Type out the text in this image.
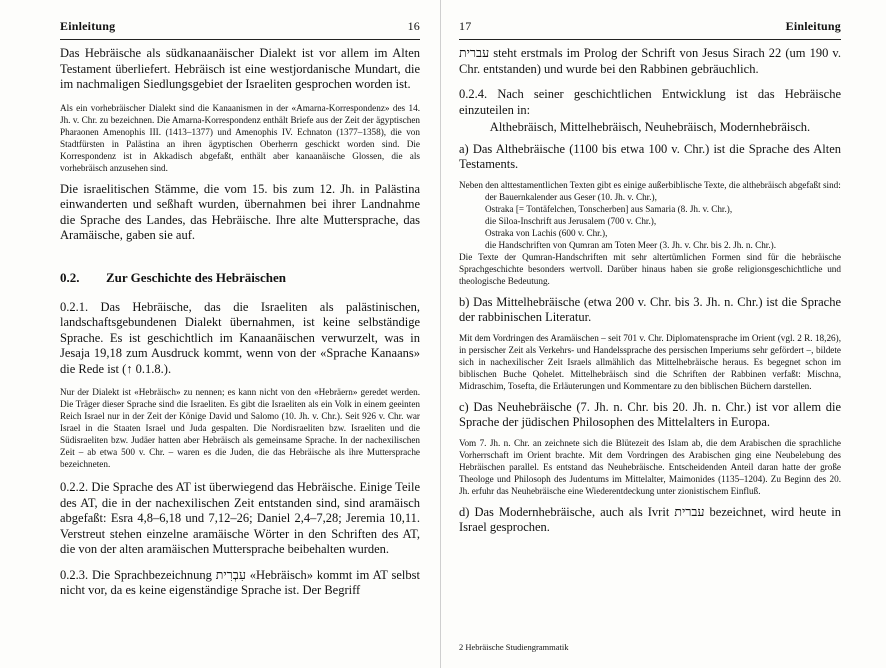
Einleitung	16

Das Hebräische als südkanaanäischer Dialekt ist vor allem im Alten Testament überliefert. Hebräisch ist eine westjordanische Mundart, die im nachmaligen Siedlungsgebiet der Israeliten gesprochen worden ist.

Als ein vorhebräischer Dialekt sind die Kanaanismen in der «Amarna-Korrespondenz» des 14. Jh. v. Chr. zu bezeichnen. Die Amarna-Korrespondenz enthält Briefe aus der Zeit der ägyptischen Pharaonen Amenophis III. (1413–1377) und Amenophis IV. Echnaton (1377–1358), die von Stadtfürsten in Palästina an ihren ägyptischen Oberherrn geschickt worden sind. Die Korrespondenz ist in Akkadisch abgefaßt, enthält aber kanaanäische Glossen, die als vorhebräisch anzusehen sind.

Die israelitischen Stämme, die vom 15. bis zum 12. Jh. in Palästina einwanderten und seßhaft wurden, übernahmen bei ihrer Landnahme die Sprache des Landes, das Hebräische. Ihre alte Muttersprache, das Aramäische, gaben sie auf.

0.2. Zur Geschichte des Hebräischen

0.2.1. Das Hebräische, das die Israeliten als palästinischen, landschaftsgebundenen Dialekt übernahmen, ist keine selbständige Sprache. Es ist geschichtlich im Kanaanäischen verwurzelt, was in Jesaja 19,18 zum Ausdruck kommt, wenn von der «Sprache Kanaans» die Rede ist (↑ 0.1.8.).

Nur der Dialekt ist «Hebräisch» zu nennen; es kann nicht von den «Hebräern» geredet werden. Die Träger dieser Sprache sind die Israeliten. Es gibt die Israeliten als ein Volk in einem geeinten Reich Israel nur in der Zeit der Könige David und Salomo (10. Jh. v. Chr.). Seit 926 v. Chr. war Israel in die Staaten Israel und Juda gespalten. Die Nordisraeliten bzw. Israeliten und die Südisraeliten bzw. Judäer hatten aber Hebräisch als gemeinsame Sprache. In der nachexilischen Zeit – ab etwa 500 v. Chr. – waren es die Juden, die das Hebräische als ihre Muttersprache bezeichneten.

0.2.2. Die Sprache des AT ist überwiegend das Hebräische. Einige Teile des AT, die in der nachexilischen Zeit entstanden sind, sind aramäisch abgefaßt: Esra 4,8–6,18 und 7,12–26; Daniel 2,4–7,28; Jeremia 10,11. Verstreut stehen einzelne aramäische Wörter in den Schriften des AT, die von der alten aramäischen Muttersprache beibehalten wurden.

0.2.3. Die Sprachbezeichnung עִבְרִית «Hebräisch» kommt im AT selbst nicht vor, da es keine eigenständige Sprache ist. Der Begriff

17	Einleitung

עברית steht erstmals im Prolog der Schrift von Jesus Sirach 22 (um 190 v. Chr. entstanden) und wurde bei den Rabbinen gebräuchlich.

0.2.4. Nach seiner geschichtlichen Entwicklung ist das Hebräische einzuteilen in:

Althebräisch, Mittelhebräisch, Neuhebräisch, Modernhebräisch.

a) Das Althebräische (1100 bis etwa 100 v. Chr.) ist die Sprache des Alten Testaments.

Neben den alttestamentlichen Texten gibt es einige außerbiblische Texte, die althebräisch abgefaßt sind:

der Bauernkalender aus Geser (10. Jh. v. Chr.),
Ostraka [= Tontäfelchen, Tonscherben] aus Samaria (8. Jh. v. Chr.),
die Siloa-Inschrift aus Jerusalem (700 v. Chr.),
Ostraka von Lachis (600 v. Chr.),
die Handschriften von Qumran am Toten Meer (3. Jh. v. Chr. bis 2. Jh. n. Chr.).

Die Texte der Qumran-Handschriften mit sehr altertümlichen Formen sind für die hebräische Sprachgeschichte besonders wertvoll. Darüber hinaus haben sie große religionsgeschichtliche und theologische Bedeutung.

b) Das Mittelhebräische (etwa 200 v. Chr. bis 3. Jh. n. Chr.) ist die Sprache der rabbinischen Literatur.

Mit dem Vordringen des Aramäischen – seit 701 v. Chr. Diplomatensprache im Orient (vgl. 2 R. 18,26), in persischer Zeit als Verkehrs- und Handelssprache des persischen Imperiums sehr gefördert –, bildete sich in nachexilischer Zeit Israels allmählich das Mittelhebräische heraus. Es begegnet schon im biblischen Buche Qohelet. Mittelhebräisch sind die Schriften der Rabbinen verfaßt: Mischna, Midraschim, Tosefta, die Erläuterungen und Kommentare zu den biblischen Büchern darstellen.

c) Das Neuhebräische (7. Jh. n. Chr. bis 20. Jh. n. Chr.) ist vor allem die Sprache der jüdischen Philosophen des Mittelalters in Europa.

Vom 7. Jh. n. Chr. an zeichnete sich die Blütezeit des Islam ab, die dem Arabischen die sprachliche Vorherrschaft im Orient brachte. Mit dem Vordringen des Arabischen ging eine Neubelebung des Hebräischen parallel. Es entstand das Neuhebräische. Entscheidenden Anteil daran hatte der große Theologe und Philosoph des Judentums im Mittelalter, Maimonides (1135–1204). Zu Beginn des 20. Jh. erfuhr das Neuhebräische eine Wiederentdeckung unter zionistischem Einfluß.

d) Das Modernhebräische, auch als Ivrit עברית bezeichnet, wird heute in Israel gesprochen.

2 Hebräische Studiengrammatik
